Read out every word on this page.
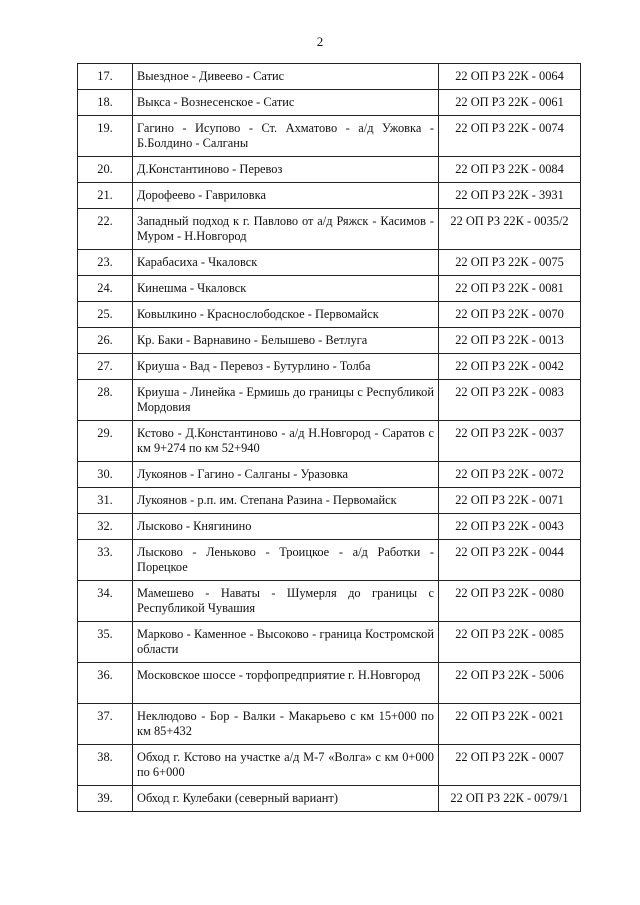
2
17.	Выездное - Дивеево - Сатис	22 ОП РЗ 22К - 0064
18.	Выкса - Вознесенское - Сатис	22 ОП РЗ 22К - 0061
19.	Гагино - Исупово - Ст. Ахматово - а/д Ужовка - Б.Болдино - Салганы	22 ОП РЗ 22К - 0074
20.	Д.Константиново - Перевоз	22 ОП РЗ 22К - 0084
21.	Дорофеево - Гавриловка	22 ОП РЗ 22К - 3931
22.	Западный подход к г. Павлово от а/д Ряжск - Касимов - Муром - Н.Новгород	22 ОП РЗ 22К - 0035/2
23.	Карабасиха - Чкаловск	22 ОП РЗ 22К - 0075
24.	Кинешма - Чкаловск	22 ОП РЗ 22К - 0081
25.	Ковылкино - Краснослободское - Первомайск	22 ОП РЗ 22К - 0070
26.	Кр. Баки - Варнавино - Белышево - Ветлуга	22 ОП РЗ 22К - 0013
27.	Криуша - Вад - Перевоз - Бутурлино - Толба	22 ОП РЗ 22К - 0042
28.	Криуша - Линейка - Ермишь до границы с Республикой Мордовия	22 ОП РЗ 22К - 0083
29.	Кстово - Д.Константиново - а/д Н.Новгород - Саратов с км 9+274 по км 52+940	22 ОП РЗ 22К - 0037
30.	Лукоянов - Гагино - Салганы - Уразовка	22 ОП РЗ 22К - 0072
31.	Лукоянов - р.п. им. Степана Разина - Первомайск	22 ОП РЗ 22К - 0071
32.	Лысково - Княгинино	22 ОП РЗ 22К - 0043
33.	Лысково - Леньково - Троицкое - а/д Работки - Порецкое	22 ОП РЗ 22К - 0044
34.	Мамешево - Наваты - Шумерля до границы с Республикой Чувашия	22 ОП РЗ 22К - 0080
35.	Марково - Каменное - Высоково - граница Костромской области	22 ОП РЗ 22К - 0085
36.	Московское шоссе - торфопредприятие г. Н.Новгород	22 ОП РЗ 22К - 5006
37.	Неклюдово - Бор - Валки - Макарьево с км 15+000 по км 85+432	22 ОП РЗ 22К - 0021
38.	Обход г. Кстово на участке а/д М-7 «Волга» с км 0+000 по 6+000	22 ОП РЗ 22К - 0007
39.	Обход г. Кулебаки (северный вариант)	22 ОП РЗ 22К - 0079/1
